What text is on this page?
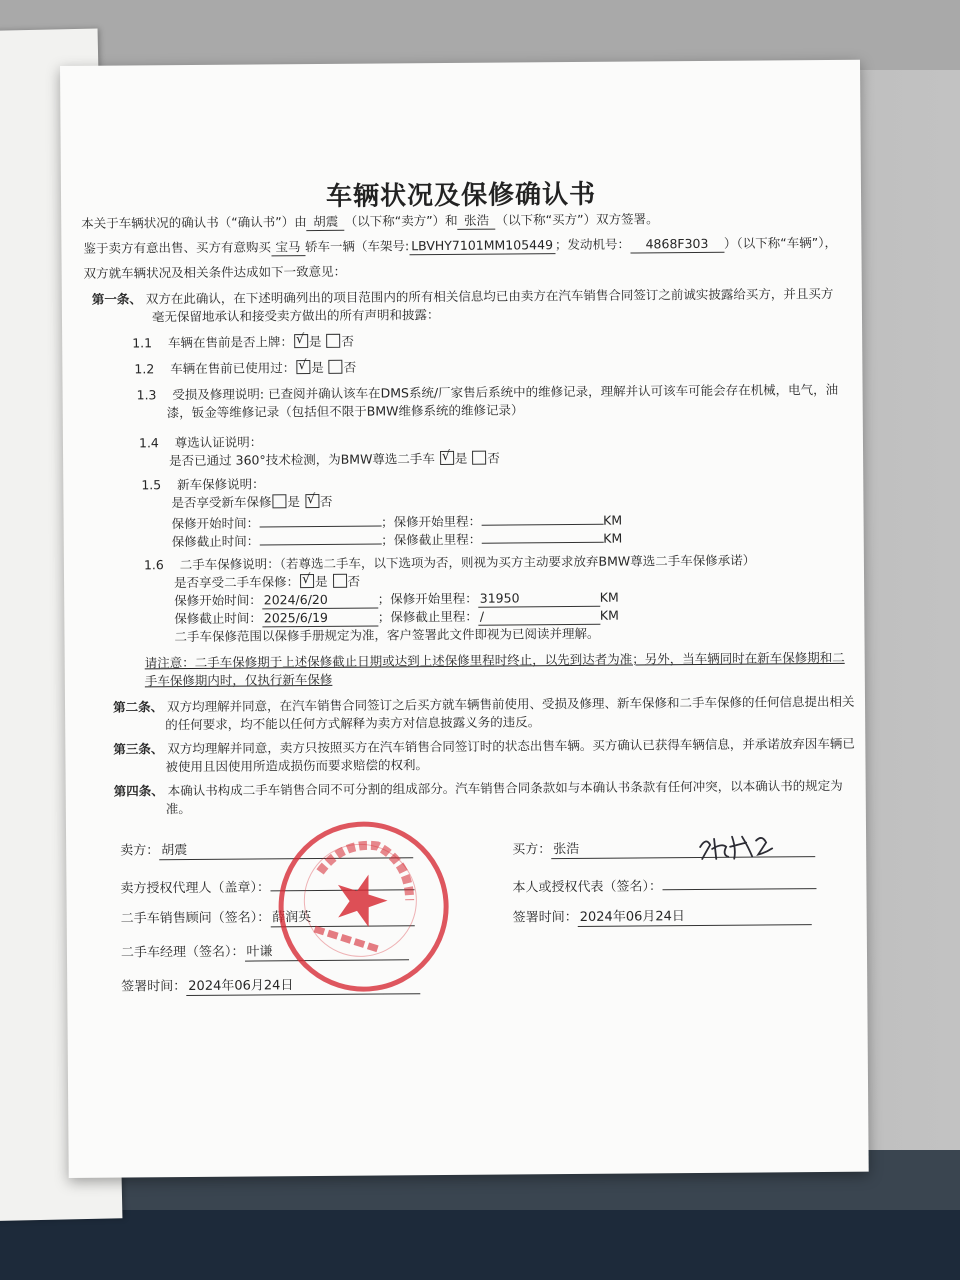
车辆状况及保修确认书
本关于车辆状况的确认书（“确认书”）由 胡震 （以下称“卖方”）和 张浩 （以下称“买方”）双方签署。
鉴于卖方有意出售、买方有意购买 宝马 轿车一辆（车架号: LBVHY7101MM105449 ；发动机号： 4868F303 ）（以下称“车辆”），
双方就车辆状况及相关条件达成如下一致意见：
第一条、 双方在此确认，在下述明确列出的项目范围内的所有相关信息均已由卖方在汽车销售合同签订之前诚实披露给买方，并且买方
毫无保留地承认和接受卖方做出的所有声明和披露：
1.1 车辆在售前是否上牌： √ 是 否
1.2 车辆在售前已使用过： √ 是 否
1.3 受损及修理说明: 已查阅并确认该车在DMS系统/厂家售后系统中的维修记录，理解并认可该车可能会存在机械，电气，油
漆，钣金等维修记录（包括但不限于BMW维修系统的维修记录）
1.4 尊选认证说明：
是否已通过 360°技术检测，为BMW尊选二手车 √ 是 否
1.5 新车保修说明：
是否享受新车保修 是 √ 否
保修开始时间：	；保修开始里程：	KM
保修截止时间：	；保修截止里程：	KM
1.6 二手车保修说明：（若尊选二手车，以下选项为否，则视为买方主动要求放弃BMW尊选二手车保修承诺）
是否享受二手车保修： √ 是 否
保修开始时间： 2024/6/20	；保修开始里程： 31950	KM
保修截止时间： 2025/6/19	；保修截止里程： /	KM
二手车保修范围以保修手册规定为准，客户签署此文件即视为已阅读并理解。
请注意：二手车保修期于上述保修截止日期或达到上述保修里程时终止，以先到达者为准；另外，当车辆同时在新车保修期和二
手车保修期内时，仅执行新车保修
第二条、 双方均理解并同意，在汽车销售合同签订之后买方就车辆售前使用、受损及修理、新车保修和二手车保修的任何信息提出相关
的任何要求，均不能以任何方式解释为卖方对信息披露义务的违反。
第三条、 双方均理解并同意，卖方只按照买方在汽车销售合同签订时的状态出售车辆。买方确认已获得车辆信息，并承诺放弃因车辆已
被使用且因使用所造成损伤而要求赔偿的权利。
第四条、 本确认书构成二手车销售合同不可分割的组成部分。汽车销售合同条款如与本确认书条款有任何冲突，以本确认书的规定为
准。
卖方： 胡震
卖方授权代理人（盖章）：
二手车销售顾问（签名）： 薛润英
二手车经理（签名）： 叶谦
签署时间： 2024年06月24日
买方： 张浩
本人或授权代表（签名）：
签署时间： 2024年06月24日
